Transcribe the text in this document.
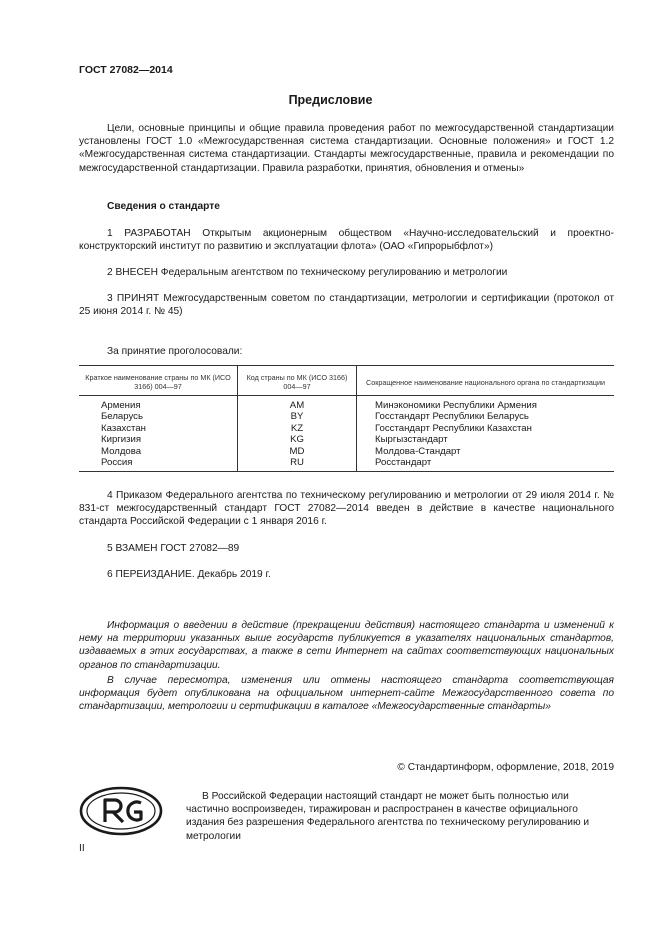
ГОСТ 27082—2014
Предисловие

Цели, основные принципы и общие правила проведения работ по межгосударственной стандартизации установлены ГОСТ 1.0 «Межгосударственная система стандартизации. Основные положения» и ГОСТ 1.2 «Межгосударственная система стандартизации. Стандарты межгосударственные, правила и рекомендации по межгосударственной стандартизации. Правила разработки, принятия, обновления и отмены»

Сведения о стандарте

1 РАЗРАБОТАН Открытым акционерным обществом «Научно-исследовательский и проектно-конструкторский институт по развитию и эксплуатации флота» (ОАО «Гипрорыбфлот»)

2 ВНЕСЕН Федеральным агентством по техническому регулированию и метрологии

3 ПРИНЯТ Межгосударственным советом по стандартизации, метрологии и сертификации (протокол от 25 июня 2014 г. № 45)

За принятие проголосовали:

Краткое наименование страны по МК (ИСО 3166) 004—97	Код страны по МК (ИСО 3166) 004—97	Сокращенное наименование национального органа по стандартизации
Армения	AM	Минэкономики Республики Армения
Беларусь	BY	Госстандарт Республики Беларусь
Казахстан	KZ	Госстандарт Республики Казахстан
Киргизия	KG	Кыргызстандарт
Молдова	MD	Молдова-Стандарт
Россия	RU	Росстандарт

4 Приказом Федерального агентства по техническому регулированию и метрологии от 29 июля 2014 г. № 831-ст межгосударственный стандарт ГОСТ 27082—2014 введен в действие в качестве национального стандарта Российской Федерации с 1 января 2016 г.

5 ВЗАМЕН ГОСТ 27082—89

6 ПЕРЕИЗДАНИЕ. Декабрь 2019 г.

Информация о введении в действие (прекращении действия) настоящего стандарта и изменений к нему на территории указанных выше государств публикуется в указателях национальных стандартов, издаваемых в этих государствах, а также в сети Интернет на сайтах соответствующих национальных органов по стандартизации.

В случае пересмотра, изменения или отмены настоящего стандарта соответствующая информация будет опубликована на официальном интернет-сайте Межгосударственного совета по стандартизации, метрологии и сертификации в каталоге «Межгосударственные стандарты»

© Стандартинформ, оформление, 2018, 2019

В Российской Федерации настоящий стандарт не может быть полностью или частично воспроизведен, тиражирован и распространен в качестве официального издания без разрешения Федерального агентства по техническому регулированию и метрологии

II
